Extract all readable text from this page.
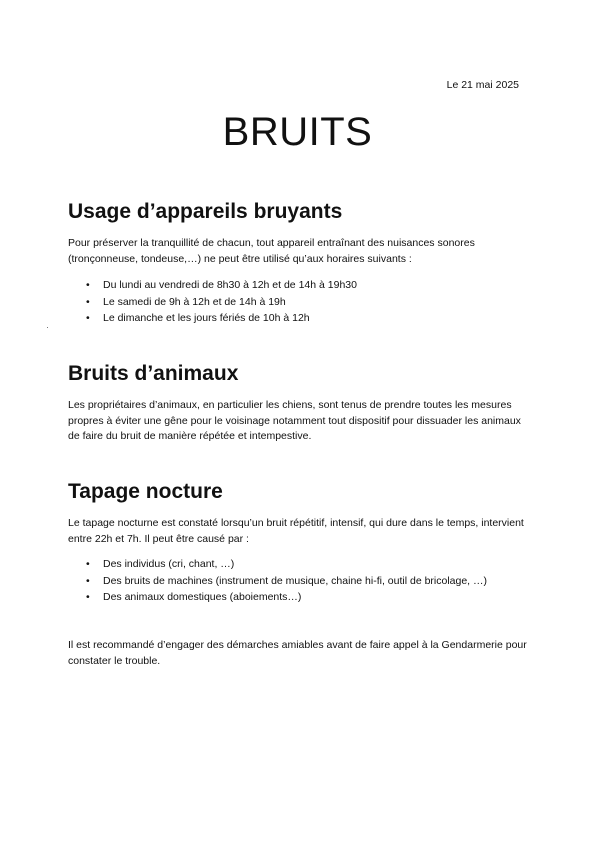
Le 21 mai 2025
BRUITS
Usage d’appareils bruyants

Pour préserver la tranquillité de chacun, tout appareil entraînant des nuisances sonores (tronçonneuse, tondeuse,…) ne peut être utilisé qu’aux horaires suivants :

• Du lundi au vendredi de 8h30 à 12h et de 14h à 19h30
• Le samedi de 9h à 12h et de 14h à 19h
• Le dimanche et les jours fériés de 10h à 12h
Bruits d’animaux

Les propriétaires d’animaux, en particulier les chiens, sont tenus de prendre toutes les mesures propres à éviter une gêne pour le voisinage notamment tout dispositif pour dissuader les animaux de faire du bruit de manière répétée et intempestive.

Tapage nocture

Le tapage nocturne est constaté lorsqu’un bruit répétitif, intensif, qui dure dans le temps, intervient entre 22h et 7h. Il peut être causé par :

• Des individus (cri, chant, …)
• Des bruits de machines (instrument de musique, chaine hi-fi, outil de bricolage, …)
• Des animaux domestiques (aboiements…)

Il est recommandé d’engager des démarches amiables avant de faire appel à la Gendarmerie pour constater le trouble.
